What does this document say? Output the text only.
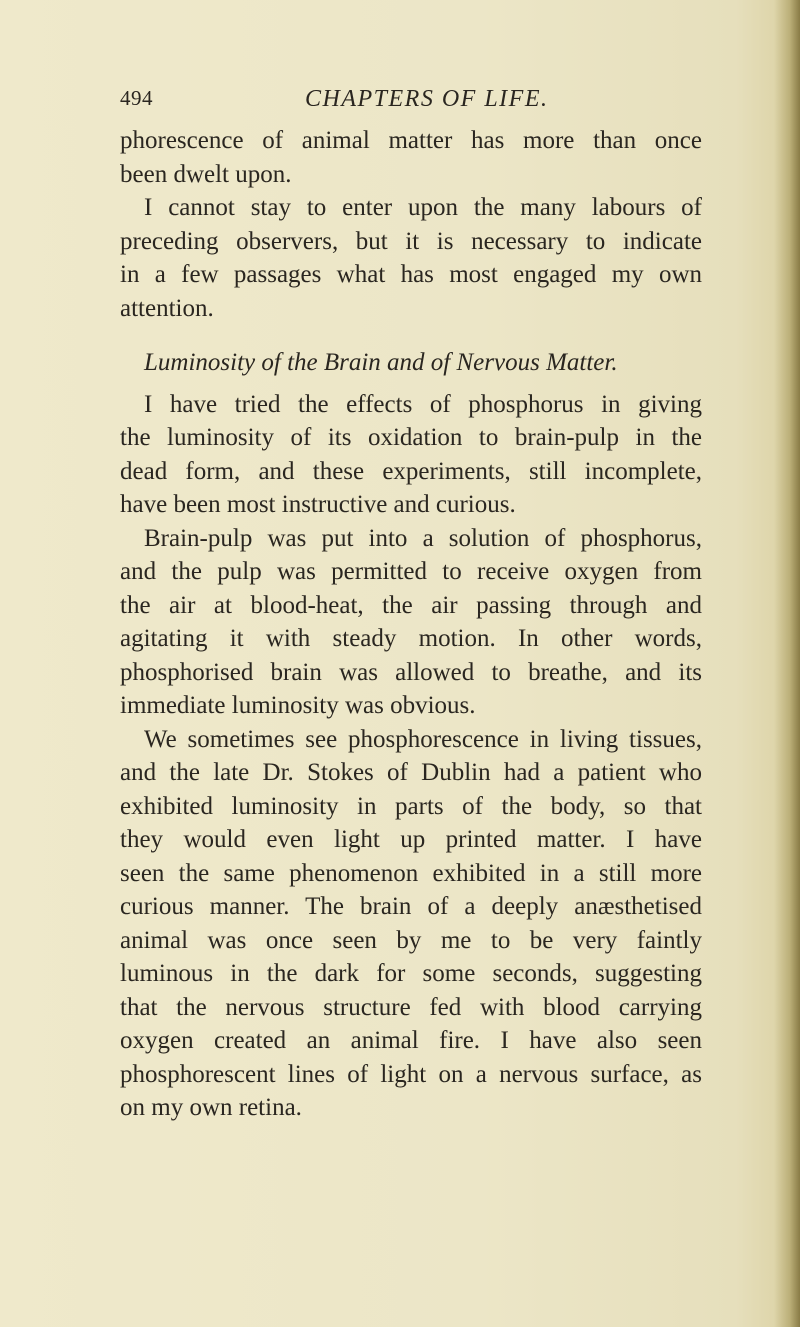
494	CHAPTERS OF LIFE.
phorescence of animal matter has more than once
been dwelt upon.
I cannot stay to enter upon the many labours of
preceding observers, but it is necessary to indicate
in a few passages what has most engaged my own
attention.
Luminosity of the Brain and of Nervous Matter.
I have tried the effects of phosphorus in giving
the luminosity of its oxidation to brain-pulp in the
dead form, and these experiments, still incomplete,
have been most instructive and curious.
Brain-pulp was put into a solution of phosphorus,
and the pulp was permitted to receive oxygen from
the air at blood-heat, the air passing through and
agitating it with steady motion. In other words,
phosphorised brain was allowed to breathe, and its
immediate luminosity was obvious.
We sometimes see phosphorescence in living tissues,
and the late Dr. Stokes of Dublin had a patient who
exhibited luminosity in parts of the body, so that
they would even light up printed matter. I have
seen the same phenomenon exhibited in a still more
curious manner. The brain of a deeply anæsthetised
animal was once seen by me to be very faintly
luminous in the dark for some seconds, suggesting
that the nervous structure fed with blood carrying
oxygen created an animal fire. I have also seen
phosphorescent lines of light on a nervous surface, as
on my own retina.
